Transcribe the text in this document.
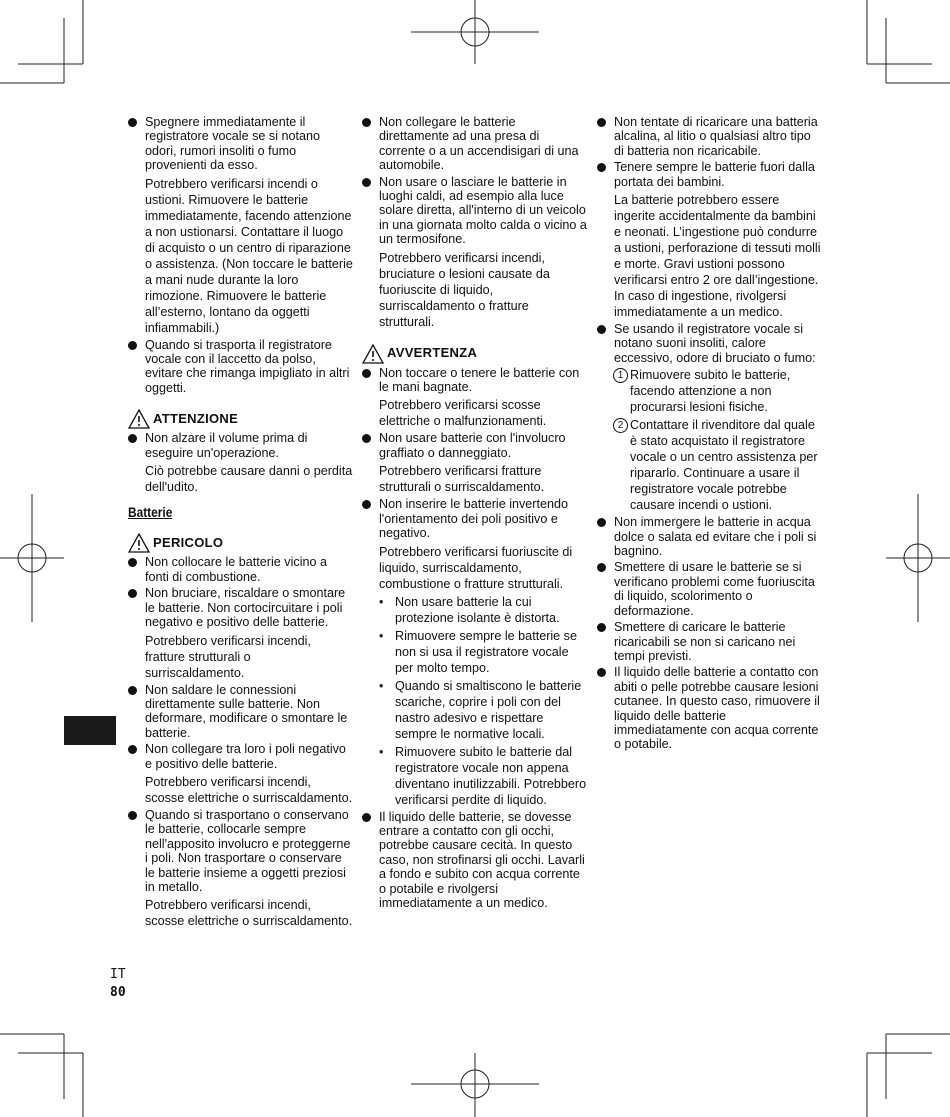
IT
80
Spegnere immediatamente il registratore vocale se si notano odori, rumori insoliti o fumo provenienti da esso.
Potrebbero verificarsi incendi o ustioni. Rimuovere le batterie immediatamente, facendo attenzione a non ustionarsi. Contattare il luogo di acquisto o un centro di riparazione o assistenza. (Non toccare le batterie a mani nude durante la loro rimozione. Rimuovere le batterie all’esterno, lontano da oggetti infiammabili.)
Quando si trasporta il registratore vocale con il laccetto da polso, evitare che rimanga impigliato in altri oggetti.
ATTENZIONE
Non alzare il volume prima di eseguire un'operazione.
Ciò potrebbe causare danni o perdita dell'udito.
Batterie
PERICOLO
Non collocare le batterie vicino a fonti di combustione.
Non bruciare, riscaldare o smontare le batterie. Non cortocircuitare i poli negativo e positivo delle batterie.
Potrebbero verificarsi incendi, fratture strutturali o surriscaldamento.
Non saldare le connessioni direttamente sulle batterie. Non deformare, modificare o smontare le batterie.
Non collegare tra loro i poli negativo e positivo delle batterie.
Potrebbero verificarsi incendi, scosse elettriche o surriscaldamento.
Quando si trasportano o conservano le batterie, collocarle sempre nell'apposito involucro e proteggerne i poli. Non trasportare o conservare le batterie insieme a oggetti preziosi in metallo.
Potrebbero verificarsi incendi, scosse elettriche o surriscaldamento.
Non collegare le batterie direttamente ad una presa di corrente o a un accendisigari di una automobile.
Non usare o lasciare le batterie in luoghi caldi, ad esempio alla luce solare diretta, all'interno di un veicolo in una giornata molto calda o vicino a un termosifone.
Potrebbero verificarsi incendi, bruciature o lesioni causate da fuoriuscite di liquido, surriscaldamento o fratture strutturali.
AVVERTENZA
Non toccare o tenere le batterie con le mani bagnate.
Potrebbero verificarsi scosse elettriche o malfunzionamenti.
Non usare batterie con l'involucro graffiato o danneggiato.
Potrebbero verificarsi fratture strutturali o surriscaldamento.
Non inserire le batterie invertendo l'orientamento dei poli positivo e negativo.
Potrebbero verificarsi fuoriuscite di liquido, surriscaldamento, combustione o fratture strutturali.
• Non usare batterie la cui protezione isolante è distorta.
• Rimuovere sempre le batterie se non si usa il registratore vocale per molto tempo.
• Quando si smaltiscono le batterie scariche, coprire i poli con del nastro adesivo e rispettare sempre le normative locali.
• Rimuovere subito le batterie dal registratore vocale non appena diventano inutilizzabili. Potrebbero verificarsi perdite di liquido.
Il liquido delle batterie, se dovesse entrare a contatto con gli occhi, potrebbe causare cecità. In questo caso, non strofinarsi gli occhi. Lavarli a fondo e subito con acqua corrente o potabile e rivolgersi immediatamente a un medico.
Non tentate di ricaricare una batteria alcalina, al litio o qualsiasi altro tipo di batteria non ricaricabile.
Tenere sempre le batterie fuori dalla portata dei bambini.
La batterie potrebbero essere ingerite accidentalmente da bambini e neonati. L’ingestione può condurre a ustioni, perforazione di tessuti molli e morte. Gravi ustioni possono verificarsi entro 2 ore dall’ingestione. In caso di ingestione, rivolgersi immediatamente a un medico.
Se usando il registratore vocale si notano suoni insoliti, calore eccessivo, odore di bruciato o fumo:
1 Rimuovere subito le batterie, facendo attenzione a non procurarsi lesioni fisiche.
2 Contattare il rivenditore dal quale è stato acquistato il registratore vocale o un centro assistenza per ripararlo. Continuare a usare il registratore vocale potrebbe causare incendi o ustioni.
Non immergere le batterie in acqua dolce o salata ed evitare che i poli si bagnino.
Smettere di usare le batterie se si verificano problemi come fuoriuscita di liquido, scolorimento o deformazione.
Smettere di caricare le batterie ricaricabili se non si caricano nei tempi previsti.
Il liquido delle batterie a contatto con abiti o pelle potrebbe causare lesioni cutanee. In questo caso, rimuovere il liquido delle batterie immediatamente con acqua corrente o potabile.
